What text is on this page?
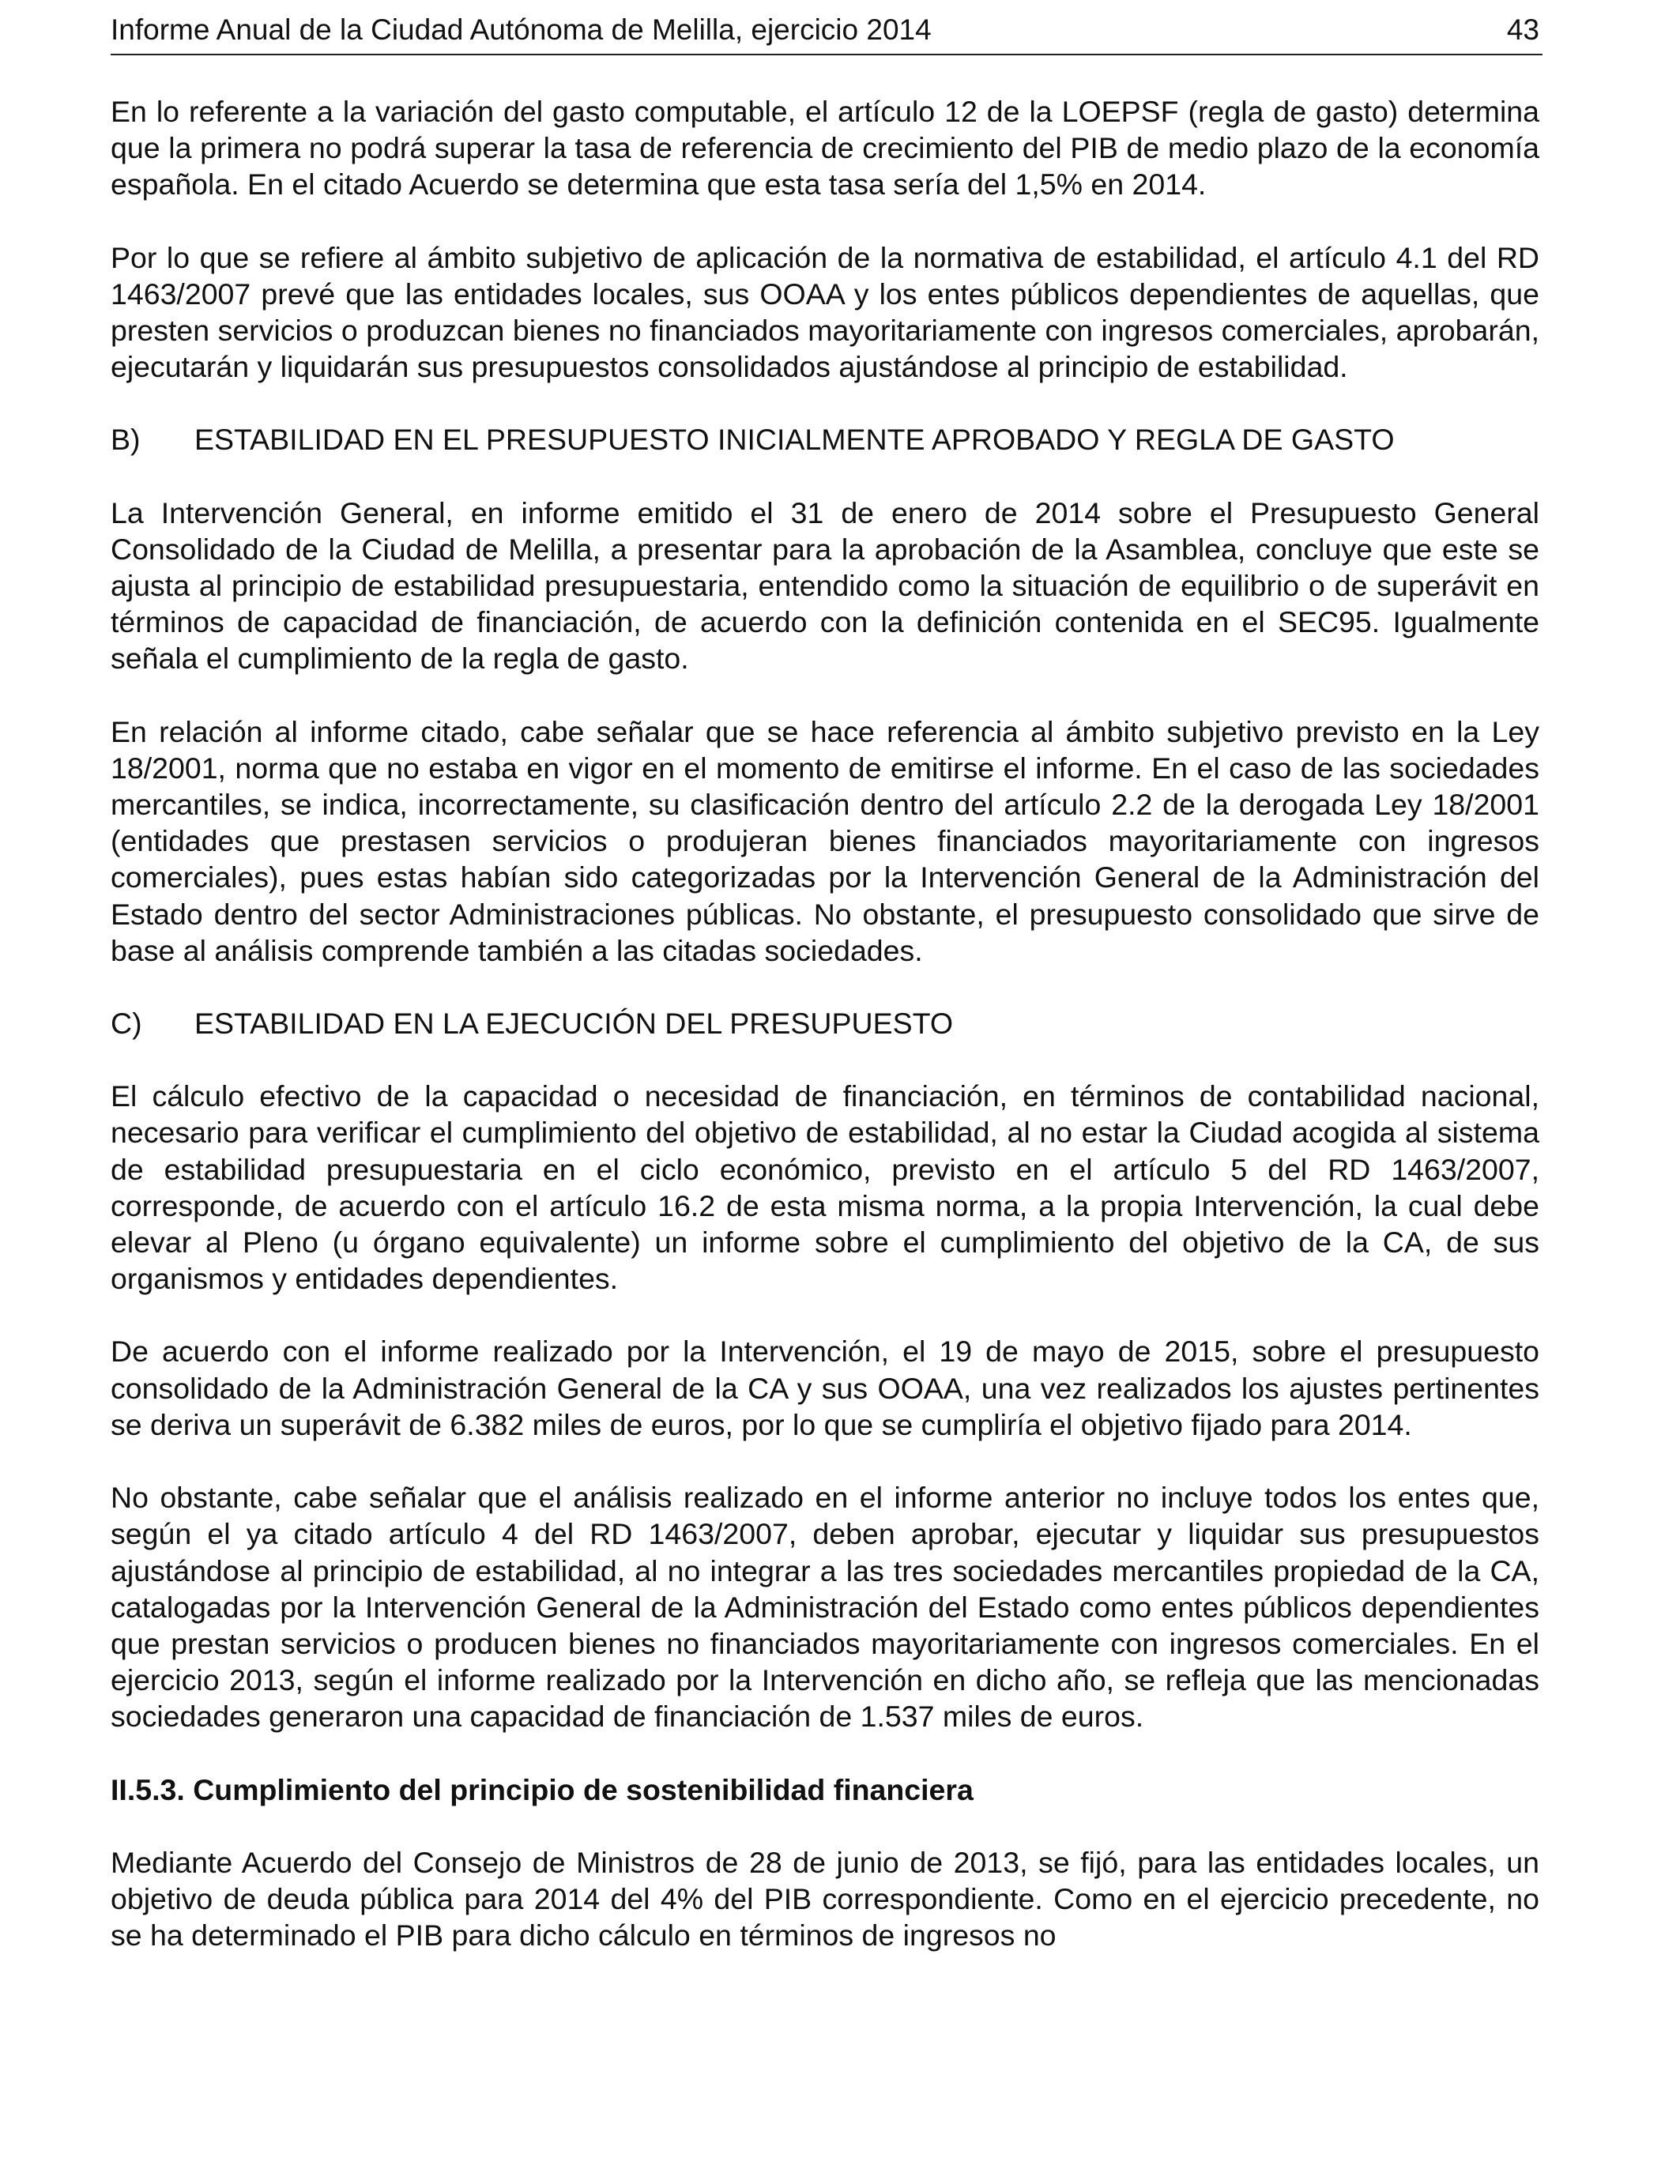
Informe Anual de la Ciudad Autónoma de Melilla, ejercicio 2014	43

En lo referente a la variación del gasto computable, el artículo 12 de la LOEPSF (regla de gasto) determina que la primera no podrá superar la tasa de referencia de crecimiento del PIB de medio plazo de la economía española. En el citado Acuerdo se determina que esta tasa sería del 1,5% en 2014.

Por lo que se refiere al ámbito subjetivo de aplicación de la normativa de estabilidad, el artículo 4.1 del RD 1463/2007 prevé que las entidades locales, sus OOAA y los entes públicos dependientes de aquellas, que presten servicios o produzcan bienes no financiados mayoritariamente con ingresos comerciales, aprobarán, ejecutarán y liquidarán sus presupuestos consolidados ajustándose al principio de estabilidad.

B)	ESTABILIDAD EN EL PRESUPUESTO INICIALMENTE APROBADO Y REGLA DE GASTO

La Intervención General, en informe emitido el 31 de enero de 2014 sobre el Presupuesto General Consolidado de la Ciudad de Melilla, a presentar para la aprobación de la Asamblea, concluye que este se ajusta al principio de estabilidad presupuestaria, entendido como la situación de equilibrio o de superávit en términos de capacidad de financiación, de acuerdo con la definición contenida en el SEC95. Igualmente señala el cumplimiento de la regla de gasto.

En relación al informe citado, cabe señalar que se hace referencia al ámbito subjetivo previsto en la Ley 18/2001, norma que no estaba en vigor en el momento de emitirse el informe. En el caso de las sociedades mercantiles, se indica, incorrectamente, su clasificación dentro del artículo 2.2 de la derogada Ley 18/2001 (entidades que prestasen servicios o produjeran bienes financiados mayoritariamente con ingresos comerciales), pues estas habían sido categorizadas por la Intervención General de la Administración del Estado dentro del sector Administraciones públicas. No obstante, el presupuesto consolidado que sirve de base al análisis comprende también a las citadas sociedades.

C)	ESTABILIDAD EN LA EJECUCIÓN DEL PRESUPUESTO

El cálculo efectivo de la capacidad o necesidad de financiación, en términos de contabilidad nacional, necesario para verificar el cumplimiento del objetivo de estabilidad, al no estar la Ciudad acogida al sistema de estabilidad presupuestaria en el ciclo económico, previsto en el artículo 5 del RD 1463/2007, corresponde, de acuerdo con el artículo 16.2 de esta misma norma, a la propia Intervención, la cual debe elevar al Pleno (u órgano equivalente) un informe sobre el cumplimiento del objetivo de la CA, de sus organismos y entidades dependientes.

De acuerdo con el informe realizado por la Intervención, el 19 de mayo de 2015, sobre el presupuesto consolidado de la Administración General de la CA y sus OOAA, una vez realizados los ajustes pertinentes se deriva un superávit de 6.382 miles de euros, por lo que se cumpliría el objetivo fijado para 2014.

No obstante, cabe señalar que el análisis realizado en el informe anterior no incluye todos los entes que, según el ya citado artículo 4 del RD 1463/2007, deben aprobar, ejecutar y liquidar sus presupuestos ajustándose al principio de estabilidad, al no integrar a las tres sociedades mercantiles propiedad de la CA, catalogadas por la Intervención General de la Administración del Estado como entes públicos dependientes que prestan servicios o producen bienes no financiados mayoritariamente con ingresos comerciales. En el ejercicio 2013, según el informe realizado por la Intervención en dicho año, se refleja que las mencionadas sociedades generaron una capacidad de financiación de 1.537 miles de euros.

II.5.3. Cumplimiento del principio de sostenibilidad financiera

Mediante Acuerdo del Consejo de Ministros de 28 de junio de 2013, se fijó, para las entidades locales, un objetivo de deuda pública para 2014 del 4% del PIB correspondiente. Como en el ejercicio precedente, no se ha determinado el PIB para dicho cálculo en términos de ingresos no
